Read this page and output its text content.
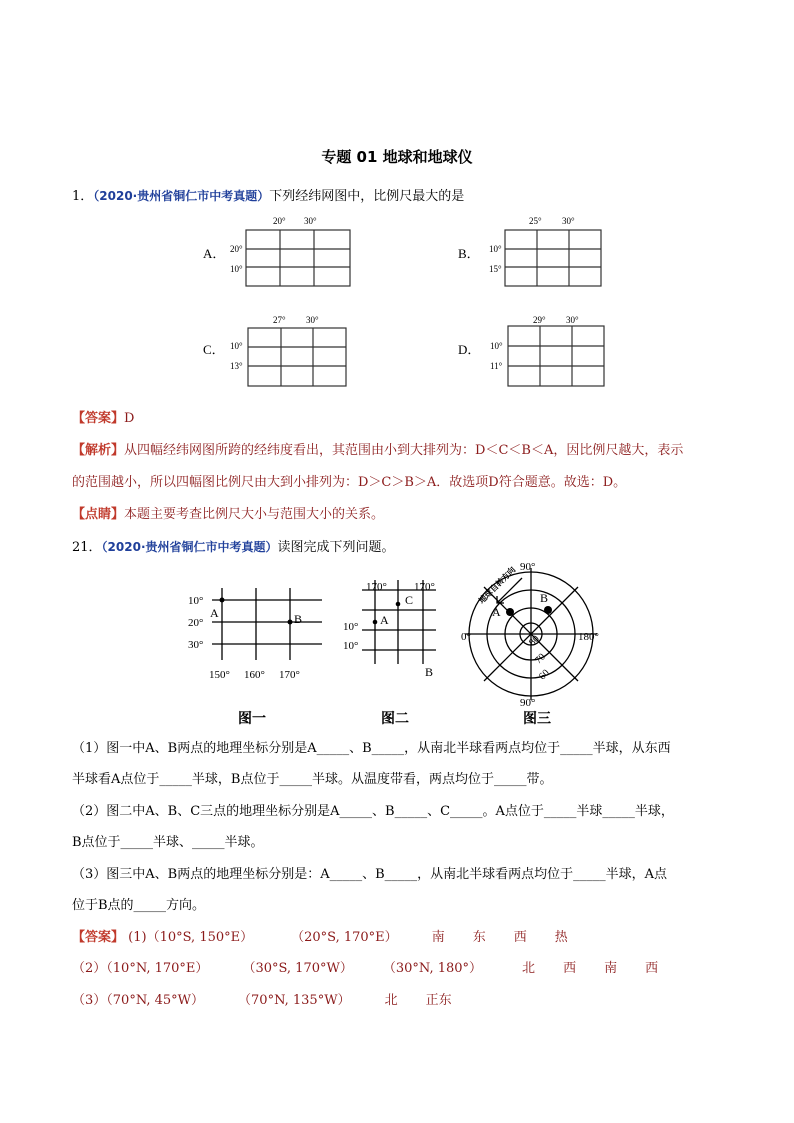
专题 01 地球和地球仪
1．（2020·贵州省铜仁市中考真题）下列经纬网图中，比例尺最大的是
A．
20° 30°
20°
10°
B．
25° 30°
10°
15°
C．
27° 30°
10°
13°
D．
29° 30°
10°
11°
【答案】D
【解析】从四幅经纬网图所跨的经纬度看出，其范围由小到大排列为：D＜C＜B＜A，因比例尺越大，表示
的范围越小，所以四幅图比例尺由大到小排列为：D＞C＞B＞A．故选项D符合题意。故选：D。
【点睛】本题主要考查比例尺大小与范围大小的关系。
21．（2020·贵州省铜仁市中考真题）读图完成下列问题。
A	B
10°
20°
30°
150° 160° 170°
170° 170°
10°
10°
A
C
B
A
B
90°
90°
0°	180°
80
70
60
地球自转方向
图一	图二	图三
（1）图一中A、B两点的地理坐标分别是A_____、B_____，从南北半球看两点均位于_____半球，从东西
半球看A点位于_____半球，B点位于_____半球。从温度带看，两点均位于_____带。
（2）图二中A、B、C三点的地理坐标分别是A_____、B_____、C_____。A点位于_____半球_____半球，
B点位于_____半球、_____半球。
（3）图三中A、B两点的地理坐标分别是：A_____、B_____，从南北半球看两点均位于_____半球，A点
位于B点的_____方向。
【答案】 (1)（10°S, 150°E）	（20°S, 170°E）	南 东 西 热
（2）（10°N, 170°E）	（30°S, 170°W） （30°N, 180°）	北 西 南 西
（3）（70°N, 45°W）	（70°N, 135°W）	北 正东
